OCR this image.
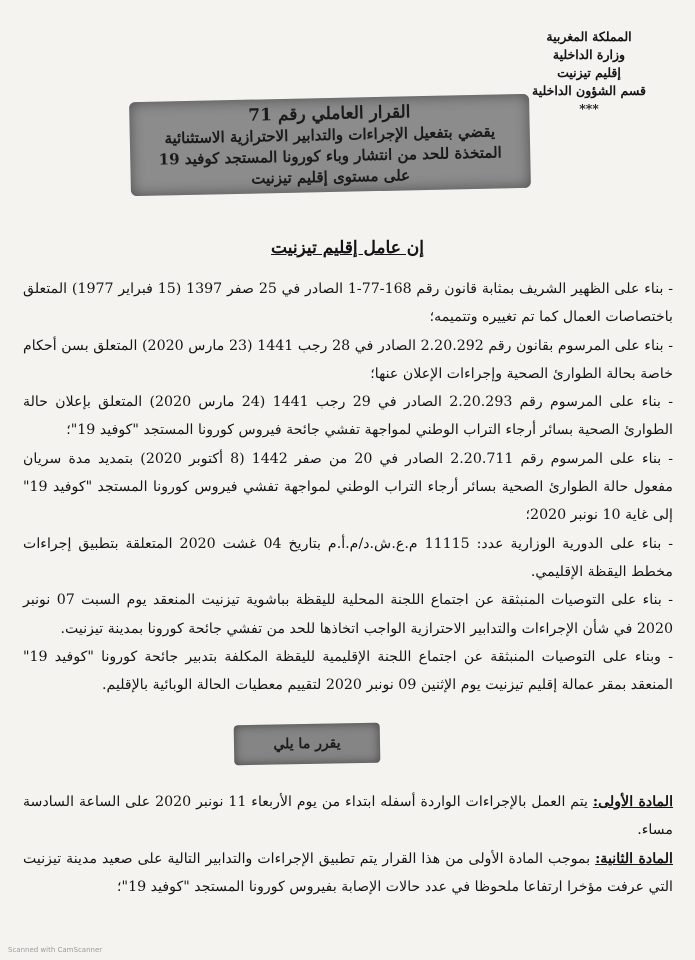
المملكة المغربية
وزارة الداخلية
إقليم تيزنيت
قسم الشؤون الداخلية
***
القرار العاملي رقم 71
يقضي بتفعيل الإجراءات والتدابير الاحترازية الاستثنائية
المتخذة للحد من انتشار وباء كورونا المستجد كوفيد 19
على مستوى إقليم تيزنيت
إن عامل إقليم تيزنيت

- بناء على الظهير الشريف بمثابة قانون رقم 168-77-1 الصادر في 25 صفر 1397 (15 فبراير 1977) المتعلق باختصاصات العمال كما تم تغييره وتتميمه؛

- بناء على المرسوم بقانون رقم 2.20.292 الصادر في 28 رجب 1441 (23 مارس 2020) المتعلق بسن أحكام خاصة بحالة الطوارئ الصحية وإجراءات الإعلان عنها؛

- بناء على المرسوم رقم 2.20.293 الصادر في 29 رجب 1441 (24 مارس 2020) المتعلق بإعلان حالة الطوارئ الصحية بسائر أرجاء التراب الوطني لمواجهة تفشي جائحة فيروس كورونا المستجد "كوفيد 19"؛

- بناء على المرسوم رقم 2.20.711 الصادر في 20 من صفر 1442 (8 أكتوبر 2020) بتمديد مدة سريان مفعول حالة الطوارئ الصحية بسائر أرجاء التراب الوطني لمواجهة تفشي فيروس كورونا المستجد "كوفيد 19" إلى غاية 10 نونبر 2020؛

- بناء على الدورية الوزارية عدد: 11115 م.ع.ش.د/م.أ.م بتاريخ 04 غشت 2020 المتعلقة بتطبيق إجراءات مخطط اليقظة الإقليمي.

- بناء على التوصيات المنبثقة عن اجتماع اللجنة المحلية لليقظة بباشوية تيزنيت المنعقد يوم السبت 07 نونبر 2020 في شأن الإجراءات والتدابير الاحترازية الواجب اتخاذها للحد من تفشي جائحة كورونا بمدينة تيزنيت.

- وبناء على التوصيات المنبثقة عن اجتماع اللجنة الإقليمية لليقظة المكلفة بتدبير جائحة كورونا "كوفيد 19" المنعقد بمقر عمالة إقليم تيزنيت يوم الإثنين 09 نونبر 2020 لتقييم معطيات الحالة الوبائية بالإقليم.

يقرر ما يلي

المادة الأولى: يتم العمل بالإجراءات الواردة أسفله ابتداء من يوم الأربعاء 11 نونبر 2020 على الساعة السادسة مساء.

المادة الثانية: بموجب المادة الأولى من هذا القرار يتم تطبيق الإجراءات والتدابير التالية على صعيد مدينة تيزنيت التي عرفت مؤخرا ارتفاعا ملحوظا في عدد حالات الإصابة بفيروس كورونا المستجد "كوفيد 19"؛

Scanned with CamScanner
